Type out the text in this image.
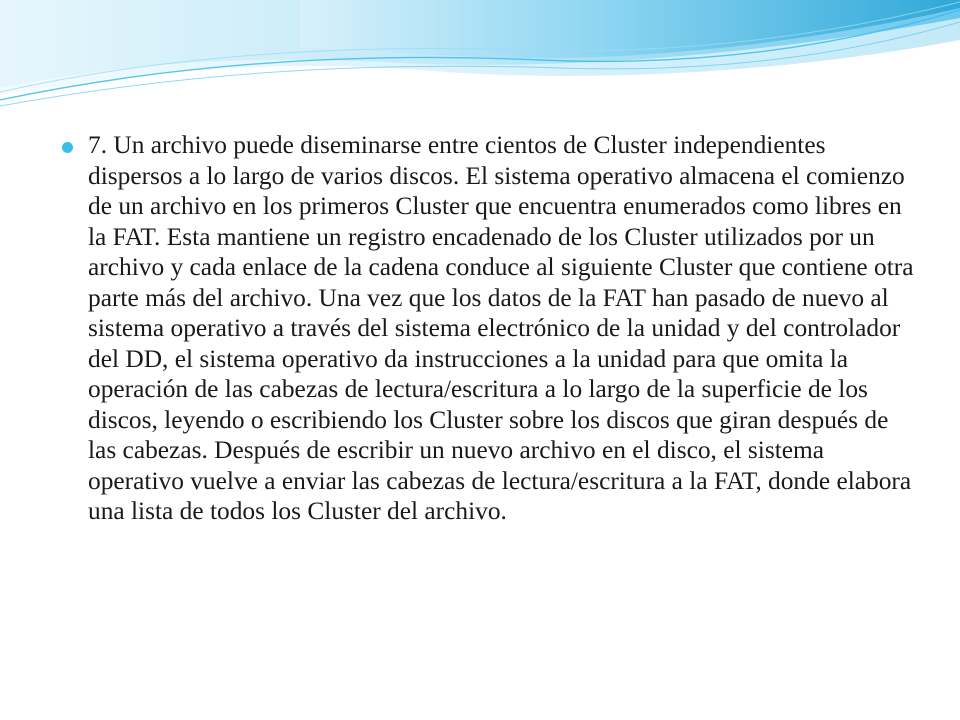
7. Un archivo puede diseminarse entre cientos de Cluster independientes dispersos a lo largo de varios discos. El sistema operativo almacena el comienzo de un archivo en los primeros Cluster que encuentra enumerados como libres en la FAT. Esta mantiene un registro encadenado de los Cluster utilizados por un archivo y cada enlace de la cadena conduce al siguiente Cluster que contiene otra parte más del archivo. Una vez que los datos de la FAT han pasado de nuevo al sistema operativo a través del sistema electrónico de la unidad y del controlador del DD, el sistema operativo da instrucciones a la unidad para que omita la operación de las cabezas de lectura/escritura a lo largo de la superficie de los discos, leyendo o escribiendo los Cluster sobre los discos que giran después de las cabezas. Después de escribir un nuevo archivo en el disco, el sistema operativo vuelve a enviar las cabezas de lectura/escritura a la FAT, donde elabora una lista de todos los Cluster del archivo.
